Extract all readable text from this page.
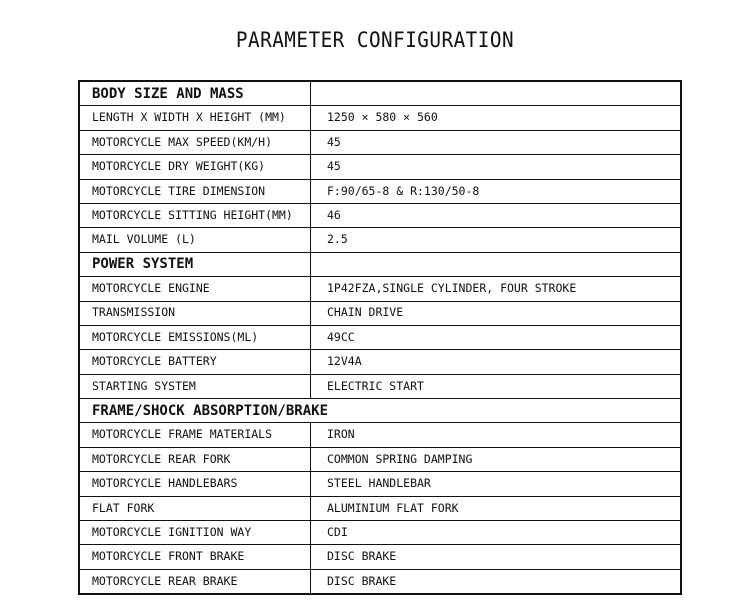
PARAMETER CONFIGURATION
BODY SIZE AND MASS	
LENGTH X WIDTH X HEIGHT (MM)	1250 × 580 × 560
MOTORCYCLE MAX SPEED(KM/H)	45
MOTORCYCLE DRY WEIGHT(KG)	45
MOTORCYCLE TIRE DIMENSION	F:90/65-8 & R:130/50-8
MOTORCYCLE SITTING HEIGHT(MM)	46
MAIL VOLUME (L)	2.5
POWER SYSTEM	
MOTORCYCLE ENGINE	1P42FZA,SINGLE CYLINDER, FOUR STROKE
TRANSMISSION	CHAIN DRIVE
MOTORCYCLE EMISSIONS(ML)	49CC
MOTORCYCLE BATTERY	12V4A
STARTING SYSTEM	ELECTRIC START
FRAME/SHOCK ABSORPTION/BRAKE	
MOTORCYCLE FRAME MATERIALS	IRON
MOTORCYCLE REAR FORK	COMMON SPRING DAMPING
MOTORCYCLE HANDLEBARS	STEEL HANDLEBAR
FLAT FORK	ALUMINIUM FLAT FORK
MOTORCYCLE IGNITION WAY	CDI
MOTORCYCLE FRONT BRAKE	DISC BRAKE
MOTORCYCLE REAR BRAKE	DISC BRAKE
